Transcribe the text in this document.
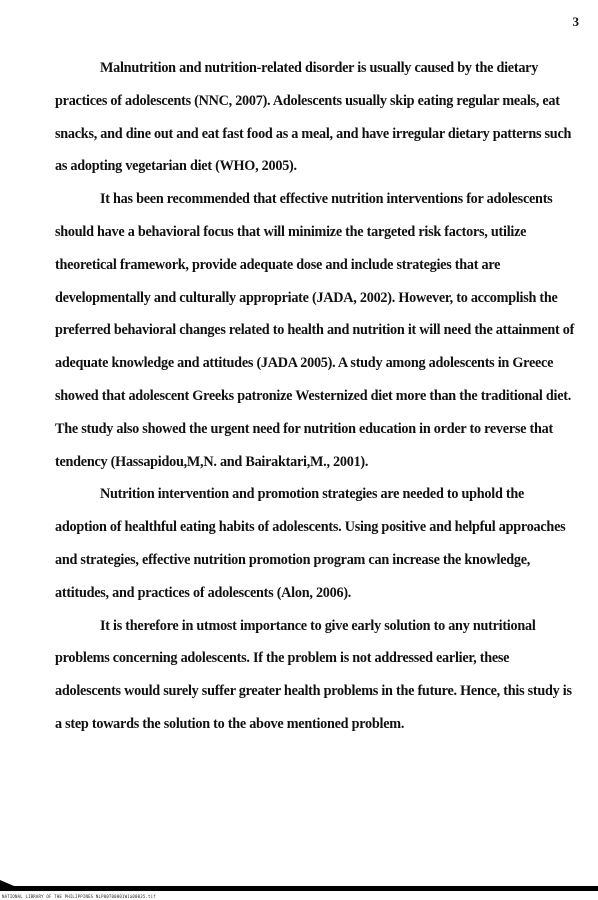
3

Malnutrition and nutrition-related disorder is usually caused by the dietary practices of adolescents (NNC, 2007). Adolescents usually skip eating regular meals, eat snacks, and dine out and eat fast food as a meal, and have irregular dietary patterns such as adopting vegetarian diet (WHO, 2005).

It has been recommended that effective nutrition interventions for adolescents should have a behavioral focus that will minimize the targeted risk factors, utilize theoretical framework, provide adequate dose and include strategies that are developmentally and culturally appropriate (JADA, 2002). However, to accomplish the preferred behavioral changes related to health and nutrition it will need the attainment of adequate knowledge and attitudes (JADA 2005). A study among adolescents in Greece showed that adolescent Greeks patronize Westernized diet more than the traditional diet. The study also showed the urgent need for nutrition education in order to reverse that tendency (Hassapidou,M,N. and Bairaktari,M., 2001).

Nutrition intervention and promotion strategies are needed to uphold the adoption of healthful eating habits of adolescents. Using positive and helpful approaches and strategies, effective nutrition promotion program can increase the knowledge, attitudes, and practices of adolescents (Alon, 2006).

It is therefore in utmost importance to give early solution to any nutritional problems concerning adolescents. If the problem is not addressed earlier, these adolescents would surely suffer greater health problems in the future. Hence, this study is a step towards the solution to the above mentioned problem.

NATIONAL LIBRARY OF THE PHILIPPINES NLP00T00001W1a00035.tif
